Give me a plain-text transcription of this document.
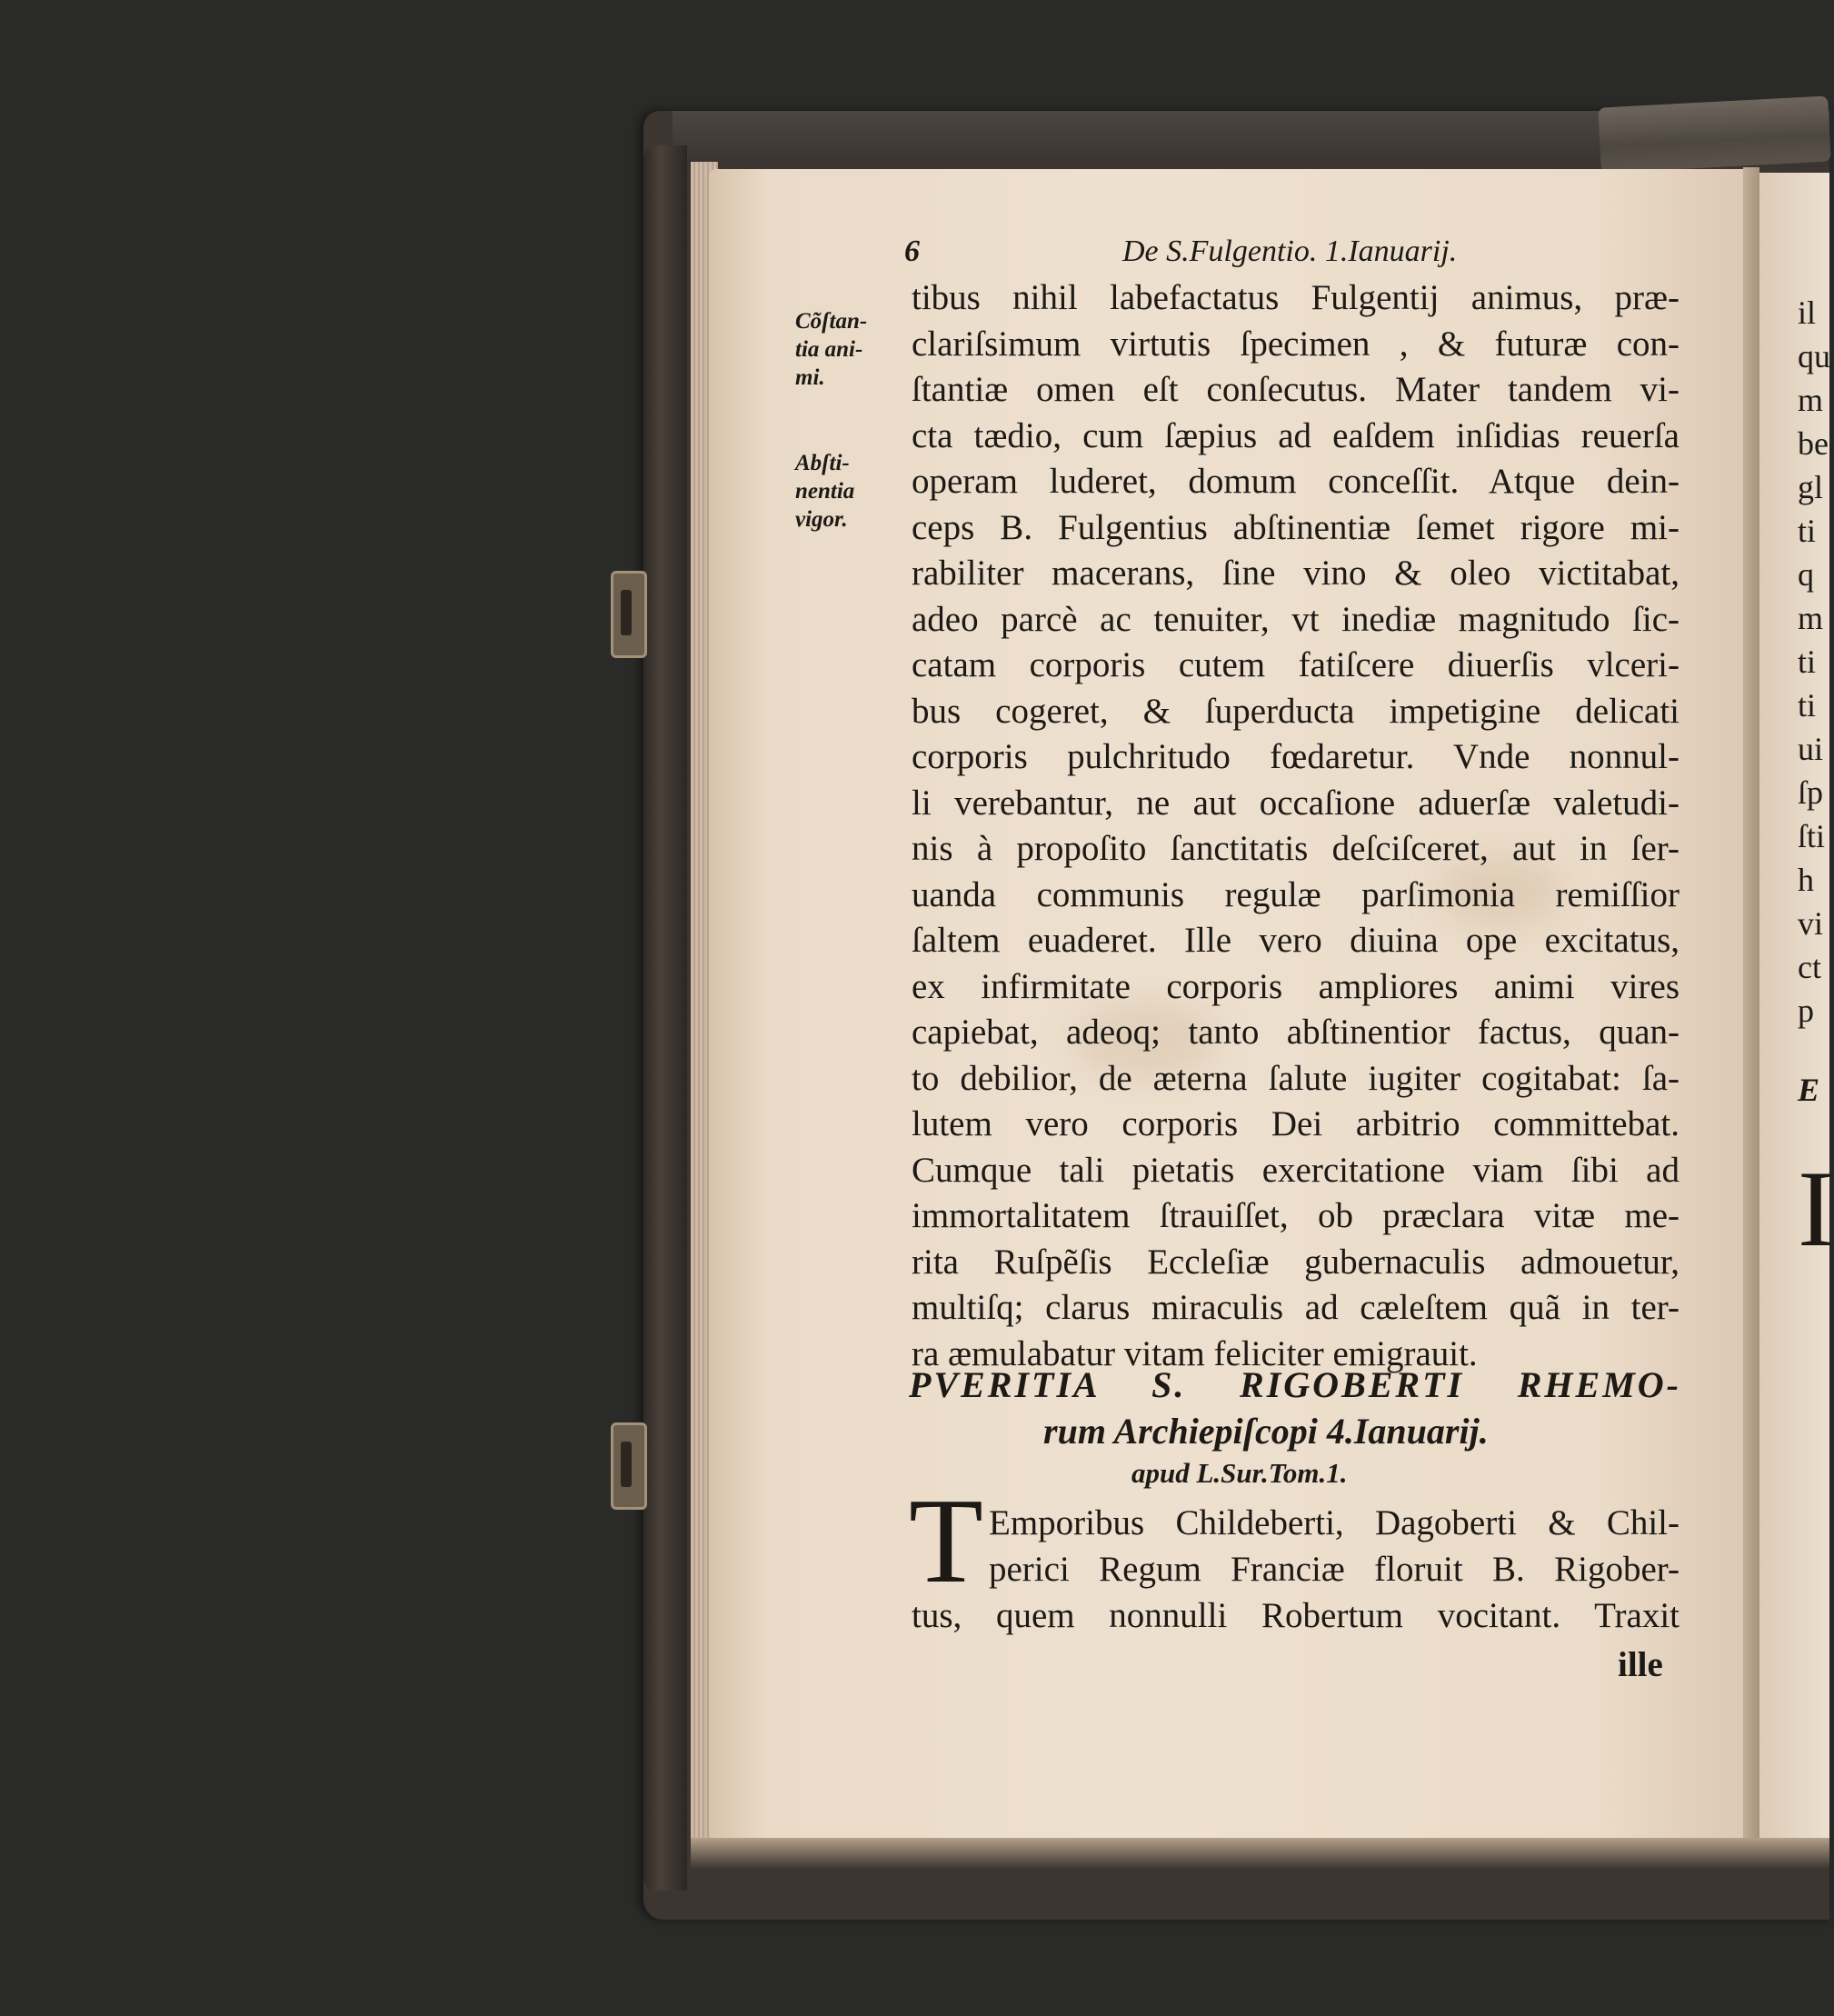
6	De S.Fulgentio. 1.Ianuarij.
Cõſtan-
tia ani-
mi.
Abſti-
nentia
vigor.
tibus nihil labefactatus Fulgentij animus, præ-
clariſsimum virtutis ſpecimen , & futuræ con-
ſtantiæ omen eſt conſecutus. Mater tandem vi-
cta tædio, cum ſæpius ad eaſdem inſidias reuerſa
operam luderet, domum conceſſit. Atque dein-
ceps B. Fulgentius abſtinentiæ ſemet rigore mi-
rabiliter macerans, ſine vino & oleo victitabat,
adeo parcè ac tenuiter, vt inediæ magnitudo ſic-
catam corporis cutem fatiſcere diuerſis vlceri-
bus cogeret, & ſuperducta impetigine delicati
corporis pulchritudo fœdaretur. Vnde nonnul-
li verebantur, ne aut occaſione aduerſæ valetudi-
nis à propoſito ſanctitatis deſciſceret, aut in ſer-
uanda communis regulæ parſimonia remiſſior
ſaltem euaderet. Ille vero diuina ope excitatus,
ex infirmitate corporis ampliores animi vires
capiebat, adeoq; tanto abſtinentior factus, quan-
to debilior, de æterna ſalute iugiter cogitabat: ſa-
lutem vero corporis Dei arbitrio committebat.
Cumque tali pietatis exercitatione viam ſibi ad
immortalitatem ſtrauiſſet, ob præclara vitæ me-
rita Ruſpẽſis Eccleſiæ gubernaculis admouetur,
multiſq; clarus miraculis ad cæleſtem quã in ter-
ra æmulabatur vitam feliciter emigrauit.
PVERITIA S. RIGOBERTI RHEMO-
rum Archiepiſcopi 4.Ianuarij.
apud L.Sur.Tom.1.
T Emporibus Childeberti, Dagoberti & Chil-
perici Regum Franciæ floruit B. Rigober-
tus, quem nonnulli Robertum vocitant. Traxit
ille
il
qu
m
be
gl
ti
q
m
ti
ti
ui
ſp
ſti
h
vi
ct
p
E
I
